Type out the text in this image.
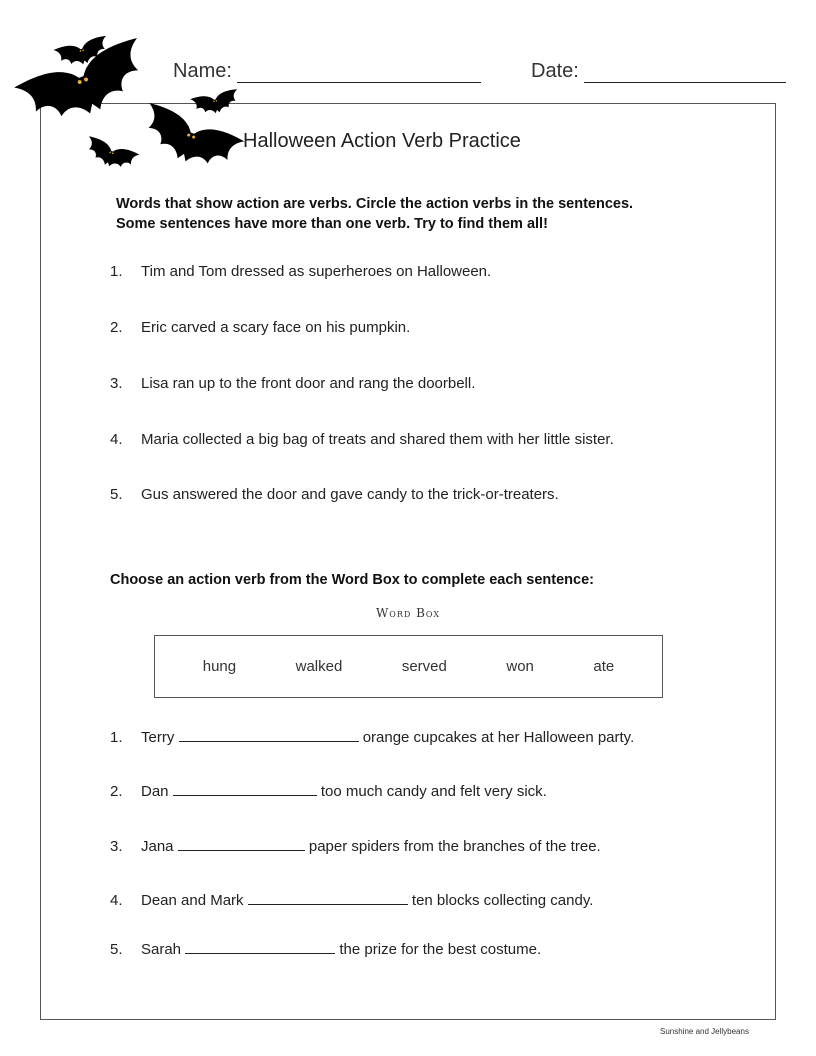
Name:	Date:
Halloween Action Verb Practice
Words that show action are verbs. Circle the action verbs in the sentences.
Some sentences have more than one verb. Try to find them all!
1. Tim and Tom dressed as superheroes on Halloween.
2. Eric carved a scary face on his pumpkin.
3. Lisa ran up to the front door and rang the doorbell.
4. Maria collected a big bag of treats and shared them with her little sister.
5. Gus answered the door and gave candy to the trick-or-treaters.
Choose an action verb from the Word Box to complete each sentence:
Word Box
hung	walked	served	won	ate
1. Terry	orange cupcakes at her Halloween party.
2. Dan	too much candy and felt very sick.
3. Jana	paper spiders from the branches of the tree.
4. Dean and Mark	ten blocks collecting candy.
5. Sarah	the prize for the best costume.
Sunshine and Jellybeans
